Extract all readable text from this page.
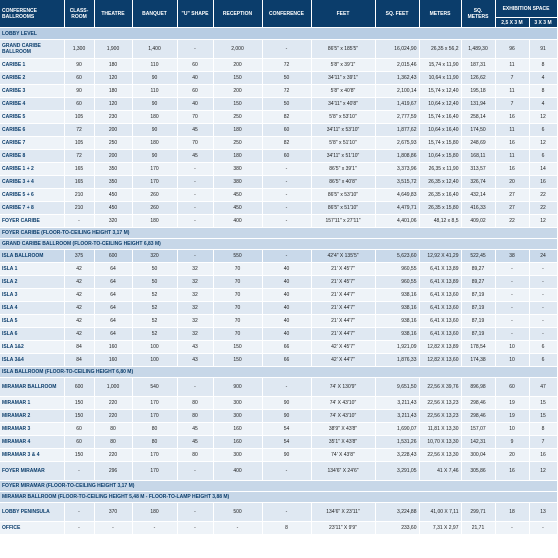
CONFERENCE BALLROOMS	CLASS-ROOM	THEATRE	BANQUET	"U" SHAPE	RECEPTION	CONFERENCE	FEET	SQ. FEET	METERS	SQ. METERS	EXHIBITION SPACE	
											2,5 X 3 M	3 X 3 M
LOBBY LEVEL												
GRAND CARIBE BALLROOM	1,300	1,900	1,400	-	2,000	-	86'5" x 185'5"	16,024,90	26,35 x 56,2	1,489,30	96	91
CARIBE 1	90	180	110	60	200	72	5'8" x 39'1"	2,015,46	15,74 x 11,90	187,31	11	8
CARIBE 2	60	120	90	40	150	50	34'11" x 39'1"	1,362,43	10,64 x 11,90	126,62	7	4
CARIBE 3	90	180	110	60	200	72	5'8" x 40'8"	2,100,14	15,74 x 12,40	195,18	11	8
CARIBE 4	60	120	90	40	150	50	34'11" x 40'8"	1,419,67	10,64 x 12,40	131,94	7	4
CARIBE 5	105	230	180	70	250	82	5'8" x 53'10"	2,777,59	15,74 x 16,40	258,14	16	12
CARIBE 6	72	200	90	45	180	60	34'11" x 53'10"	1,877,62	10,64 x 16,40	174,50	11	6
CARIBE 7	105	250	180	70	250	82	5'8" x 51'10"	2,675,93	15,74 x 15,80	248,69	16	12
CARIBE 8	72	200	90	45	180	60	34'11" x 51'10"	1,808,86	10,64 x 15,80	168,11	11	6
CARIBE 1 + 2	165	350	170	-	380	-	86'5" x 39'1"	3,373,96	26,35 x 11,90	313,57	16	14
CARIBE 3 + 4	165	350	170	-	380	-	86'5" x 40'8"	3,515,72	26,35 x 12,40	326,74	20	16
CARIBE 5 + 6	210	450	260	-	450	-	86'5" x 53'10"	4,649,83	26,35 x 16,40	432,14	27	22
CARIBE 7 + 8	210	450	260	-	450	-	86'5" x 51'10"	4,479,71	26,35 x 15,80	416,33	27	22
FOYER CARIBE	-	320	180	-	400	-	157'11" x 27'11"	4,401,06	48,12 x 8,5	409,02	22	12
FOYER CARIBE (FLOOR-TO-CEILING HEIGHT 3,17 M)												
GRAND CARIBE BALLROOM (FLOOR-TO-CEILING HEIGHT 6,83 M)												
ISLA BALLROOM	375	600	320	-	550	-	42'4" X 135'5"	5,623,60	12,92 X 41,29	522,45	38	24
ISLA 1	42	64	50	32	70	40	21' X 45'7"	960,55	6,41 X 13,89	89,27	-	-
ISLA 2	42	64	50	32	70	40	21' X 45'7"	960,55	6,41 X 13,89	89,27	-	-
ISLA 3	42	64	52	32	70	40	21' X 44'7"	938,16	6,41 X 13,60	87,19	-	-
ISLA 4	42	64	52	32	70	40	21' X 44'7"	938,16	6,41 X 13,60	87,19	-	-
ISLA 5	42	64	52	32	70	40	21' X 44'7"	938,16	6,41 X 13,60	87,19	-	-
ISLA 6	42	64	52	32	70	40	21' X 44'7"	938,16	6,41 X 13,60	87,19	-	-
ISLA 1&2	84	160	100	43	150	66	42' X 45'7"	1,921,09	12,82 X 13,89	178,54	10	6
ISLA 3&4	84	160	100	43	150	66	42' X 44'7"	1,876,33	12,82 X 13,60	174,38	10	6
ISLA BALLROOM (FLOOR-TO-CEILING HEIGHT 6,80 M)												
MIRAMAR BALLROOM	600	1,000	540	-	900	-	74' X 130'9"	9,651,50	22,56 X 39,76	896,98	60	47
MIRAMAR 1	150	220	170	80	300	90	74' X 43'10"	3,211,43	22,56 X 13,23	298,46	19	15
MIRAMAR 2	150	220	170	80	300	90	74' X 43'10"	3,211,43	22,56 X 13,23	298,46	19	15
MIRAMAR 3	60	80	80	45	160	54	38'9" X 43'8"	1,690,07	11,81 X 13,30	157,07	10	8
MIRAMAR 4	60	80	80	45	160	54	35'1" X 43'8"	1,531,26	10,70 X 13,30	142,31	9	7
MIRAMAR 3 & 4	150	220	170	80	300	90	74' X 43'8"	3,228,43	22,56 X 13,30	300,04	20	16
FOYER MIRAMAR	-	296	170	-	400	-	134'6" X 24'6"	3,291,05	41 X 7,46	305,86	16	12
FOYER MIRAMAR (FLOOR-TO-CEILING HEIGHT 3,17 M)												
MIRAMAR BALLROOM (FLOOR-TO-CEILING HEIGHT 5,48 M - FLOOR-TO-LAMP HEIGHT 3,88 M)												
LOBBY PENINSULA	-	370	180	-	500	-	134'6" X 23'11"	3,224,88	41,00 X 7,11	299,71	18	13
OFFICE	-	-	-	-	-	8	23'11" X 9'9"	233,60	7,31 X 2,97	21,71	-	-
